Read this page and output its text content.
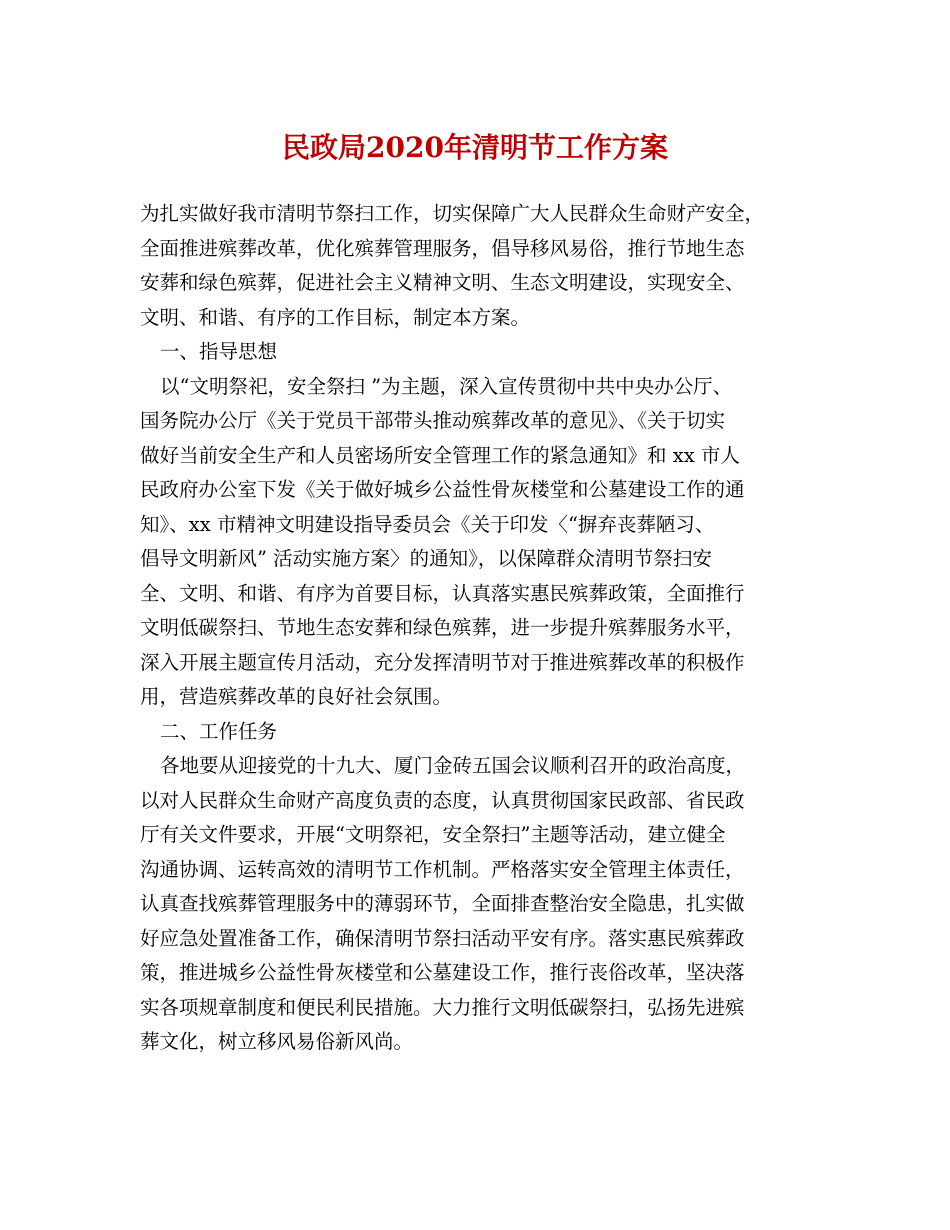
民政局2020年清明节工作方案

为扎实做好我市清明节祭扫工作，切实保障广大人民群众生命财产安全，

全面推进殡葬改革，优化殡葬管理服务，倡导移风易俗，推行节地生态

安葬和绿色殡葬，促进社会主义精神文明、生态文明建设，实现安全、

文明、和谐、有序的工作目标，制定本方案。

一、指导思想

以“文明祭祀，安全祭扫 ”为主题，深入宣传贯彻中共中央办公厅、

国务院办公厅《关于党员干部带头推动殡葬改革的意见》、《关于切实

做好当前安全生产和人员密场所安全管理工作的紧急通知》和 xx 市人

民政府办公室下发《关于做好城乡公益性骨灰楼堂和公墓建设工作的通

知》、xx 市精神文明建设指导委员会《关于印发〈“摒弃丧葬陋习、

倡导文明新风” 活动实施方案〉的通知》，以保障群众清明节祭扫安

全、文明、和谐、有序为首要目标，认真落实惠民殡葬政策，全面推行

文明低碳祭扫、节地生态安葬和绿色殡葬，进一步提升殡葬服务水平，

深入开展主题宣传月活动，充分发挥清明节对于推进殡葬改革的积极作

用，营造殡葬改革的良好社会氛围。

二、工作任务

各地要从迎接党的十九大、厦门金砖五国会议顺利召开的政治高度，

以对人民群众生命财产高度负责的态度，认真贯彻国家民政部、省民政

厅有关文件要求，开展“文明祭祀，安全祭扫”主题等活动，建立健全

沟通协调、运转高效的清明节工作机制。严格落实安全管理主体责任，

认真查找殡葬管理服务中的薄弱环节，全面排查整治安全隐患，扎实做

好应急处置准备工作，确保清明节祭扫活动平安有序。落实惠民殡葬政

策，推进城乡公益性骨灰楼堂和公墓建设工作，推行丧俗改革，坚决落

实各项规章制度和便民利民措施。大力推行文明低碳祭扫，弘扬先进殡

葬文化，树立移风易俗新风尚。
